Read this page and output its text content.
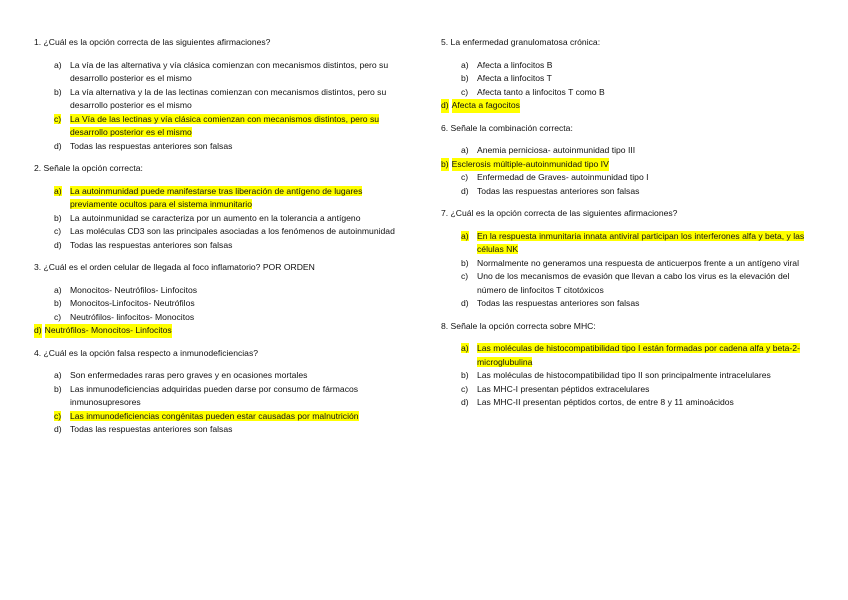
1. ¿Cuál es la opción correcta de las siguientes afirmaciones?
a) La vía de las alternativa y vía clásica comienzan con mecanismos distintos, pero su desarrollo posterior es el mismo
b) La vía alternativa y la de las lectinas comienzan con mecanismos distintos, pero su desarrollo posterior es el mismo
c)	La Vía de las lectinas y vía clásica comienzan con mecanismos distintos, pero su desarrollo posterior es el mismo
d) Todas las respuestas anteriores son falsas
2. Señale la opción correcta:
a) La autoinmunidad puede manifestarse tras liberación de antígeno de lugares previamente ocultos para el sistema inmunitario
b) La autoinmunidad se caracteriza por un aumento en la tolerancia a antígeno
c)	Las moléculas CD3 son las principales asociadas a los fenómenos de autoinmunidad
d) Todas las respuestas anteriores son falsas
3. ¿Cuál es el orden celular de llegada al foco inflamatorio? POR ORDEN
a) Monocitos- Neutrófilos- Linfocitos
b) Monocitos-Linfocitos- Neutrófilos
c)	Neutrófilos- linfocitos- Monocitos
d) Neutrófilos- Monocitos- Linfocitos
4. ¿Cuál es la opción falsa respecto a inmunodeficiencias?
a) Son enfermedades raras pero graves y en ocasiones mortales
b) Las inmunodeficiencias adquiridas pueden darse por consumo de fármacos inmunosupresores
c)	Las inmunodeficiencias congénitas pueden estar causadas por malnutrición
d) Todas las respuestas anteriores son falsas
5. La enfermedad granulomatosa crónica:
a) Afecta a linfocitos B
b) Afecta a linfocitos T
c)	Afecta tanto a linfocitos T como B
d) Afecta a fagocitos
6. Señale la combinación correcta:
a) Anemia perniciosa- autoinmunidad tipo III
b) Esclerosis múltiple-autoinmunidad tipo IV
c)	Enfermedad de Graves- autoinmunidad tipo I
d) Todas las respuestas anteriores son falsas
7. ¿Cuál es la opción correcta de las siguientes afirmaciones?
a) En la respuesta inmunitaria innata antiviral participan los interferones alfa y beta, y las células NK
b) Normalmente no generamos una respuesta de anticuerpos frente a un antígeno viral
c)	Uno de los mecanismos de evasión que llevan a cabo los virus es la elevación del número de linfocitos T citotóxicos
d) Todas las respuestas anteriores son falsas
8. Señale la opción correcta sobre MHC:
a) Las moléculas de histocompatibilidad tipo I están formadas por cadena alfa y beta-2-microglubulina
b) Las moléculas de histocompatibilidad tipo II son principalmente intracelulares
c)	Las MHC-I presentan péptidos extracelulares
d) Las MHC-II presentan péptidos cortos, de entre 8 y 11 aminoácidos
